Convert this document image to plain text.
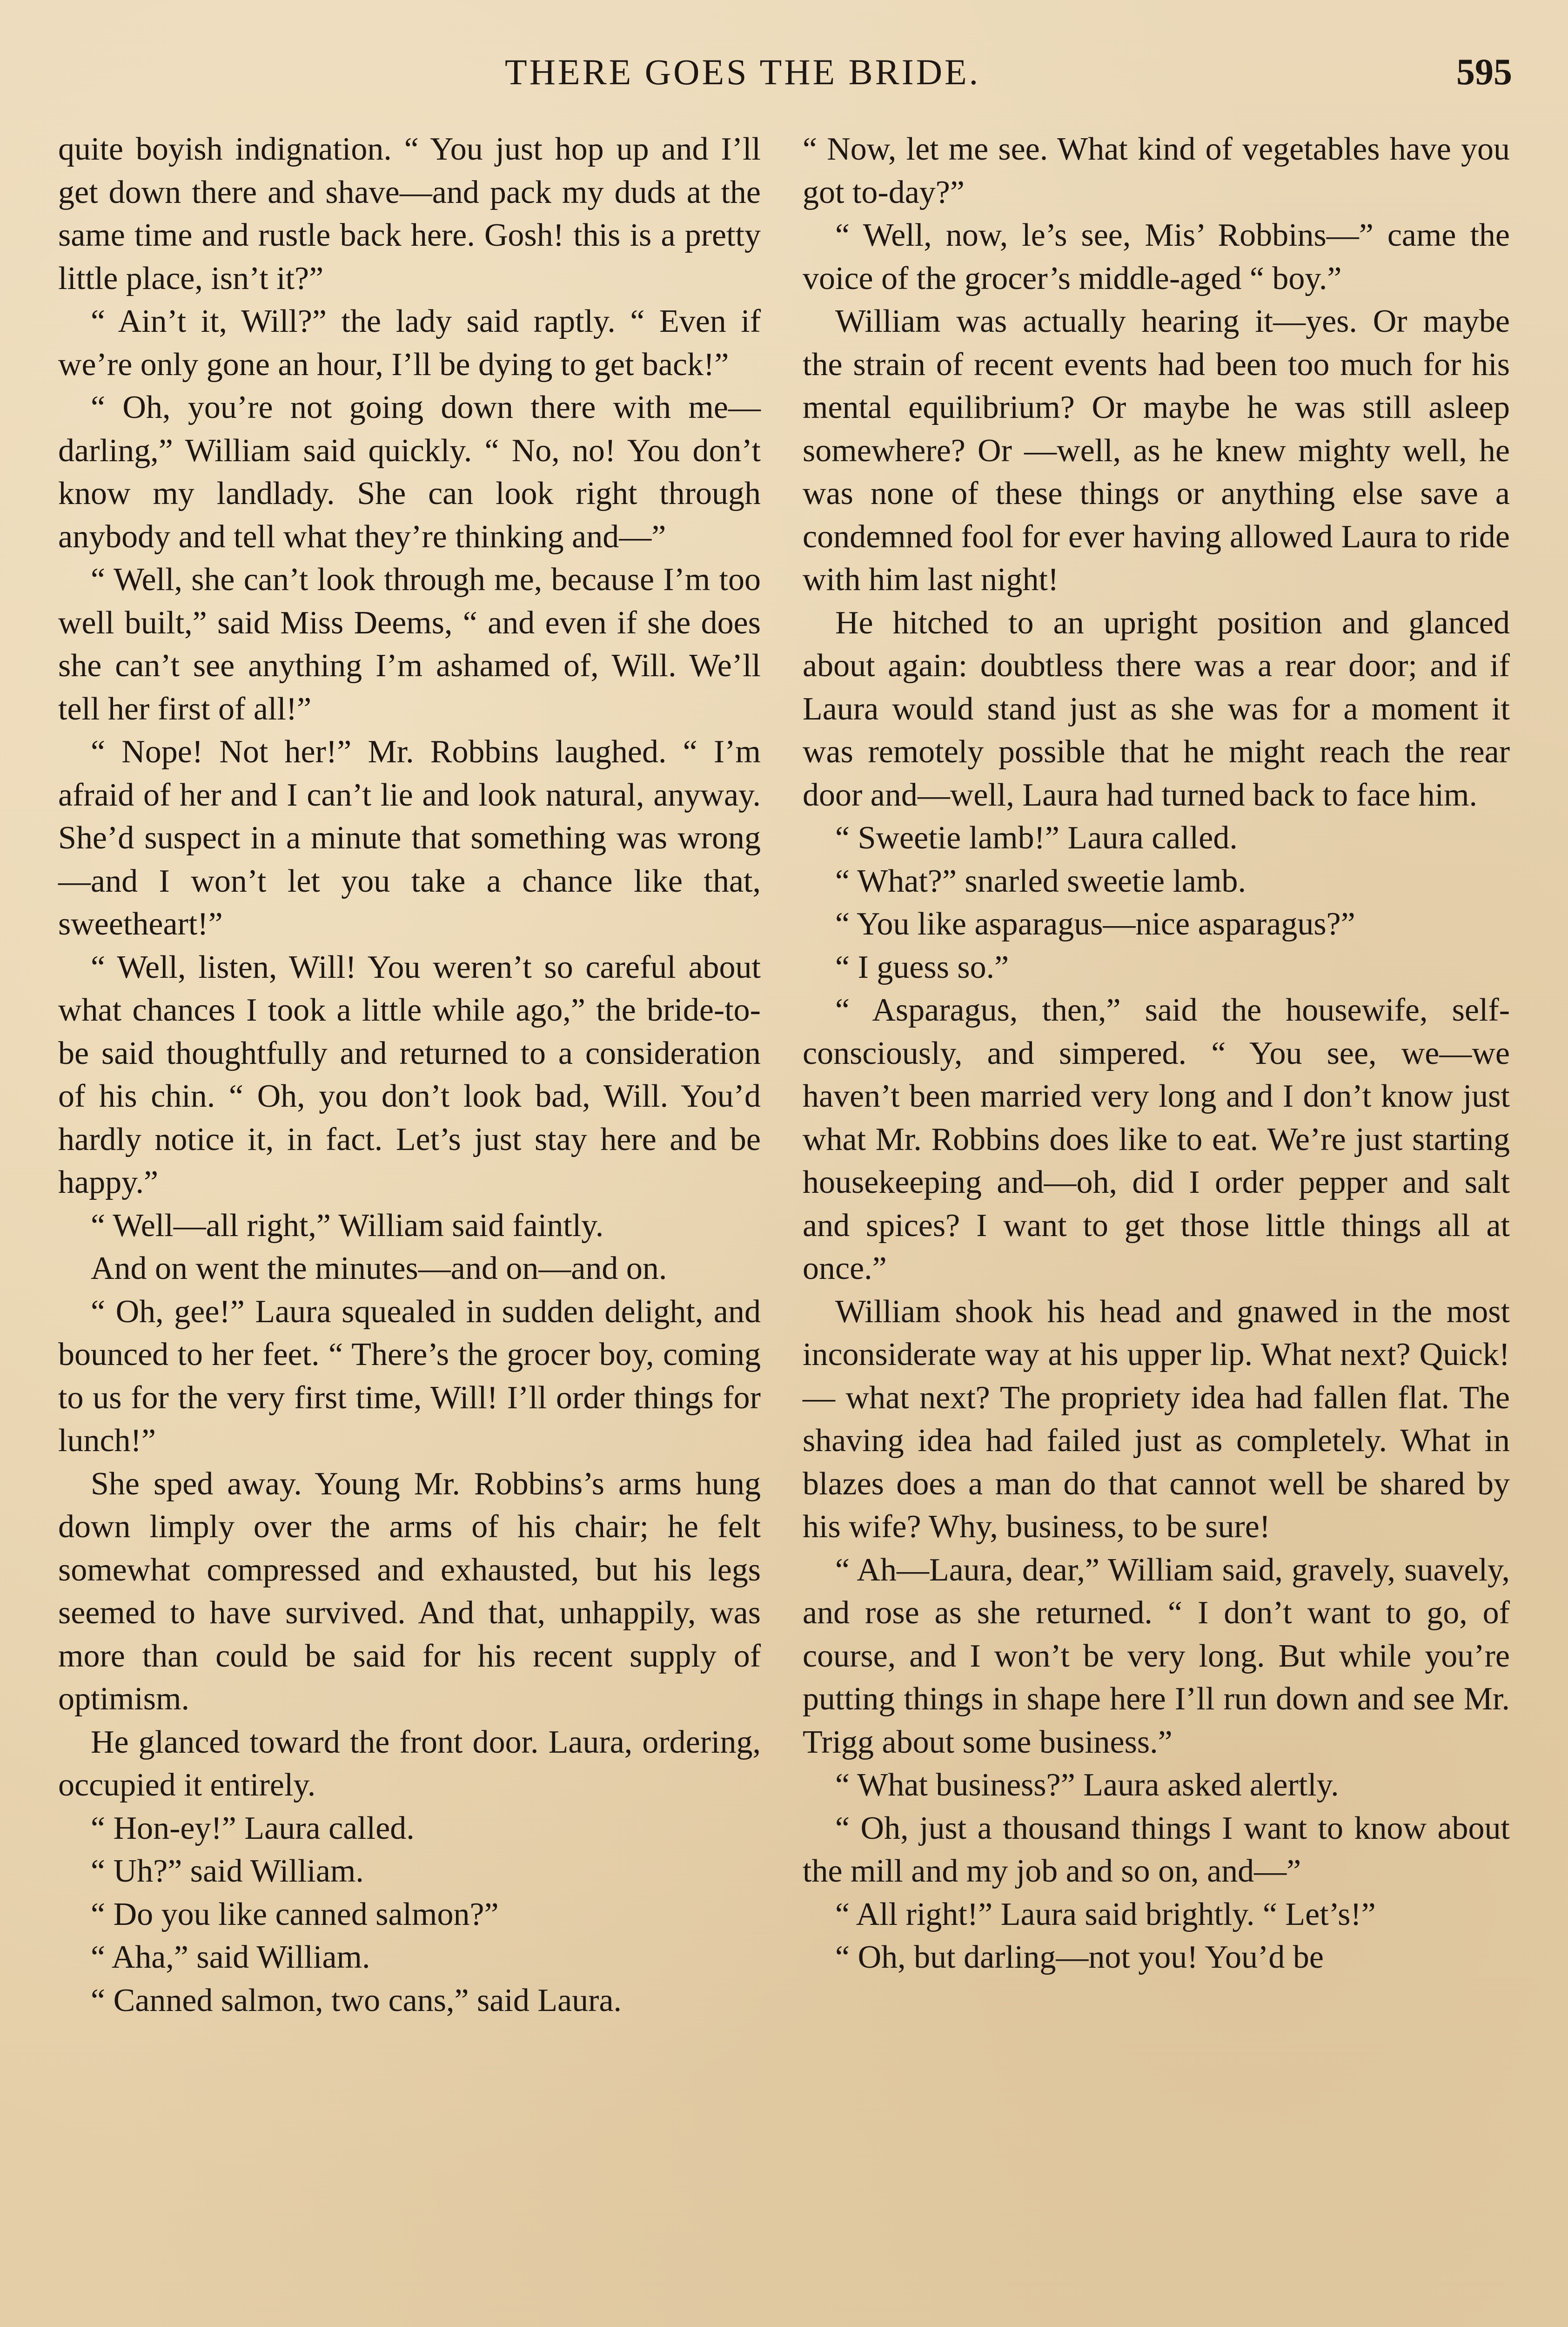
THERE GOES THE BRIDE.	595

quite boyish indignation. “ You just hop up and I’ll get down there and shave—and pack my duds at the same time and rustle back here. Gosh! this is a pretty little place, isn’t it?”

“ Ain’t it, Will?” the lady said raptly. “ Even if we’re only gone an hour, I’ll be dying to get back!”

“ Oh, you’re not going down there with me—darling,” William said quickly. “ No, no! You don’t know my landlady. She can look right through anybody and tell what they’re thinking and—”

“ Well, she can’t look through me, because I’m too well built,” said Miss Deems, “ and even if she does she can’t see anything I’m ashamed of, Will. We’ll tell her first of all!”

“ Nope! Not her!” Mr. Robbins laughed. “ I’m afraid of her and I can’t lie and look natural, anyway. She’d suspect in a minute that something was wrong —and I won’t let you take a chance like that, sweetheart!”

“ Well, listen, Will! You weren’t so careful about what chances I took a little while ago,” the bride-to-be said thoughtfully and returned to a consideration of his chin. “ Oh, you don’t look bad, Will. You’d hardly notice it, in fact. Let’s just stay here and be happy.”

“ Well—all right,” William said faintly.

And on went the minutes—and on—and on.

“ Oh, gee!” Laura squealed in sudden delight, and bounced to her feet. “ There’s the grocer boy, coming to us for the very first time, Will! I’ll order things for lunch!”

She sped away. Young Mr. Robbins’s arms hung down limply over the arms of his chair; he felt somewhat compressed and exhausted, but his legs seemed to have survived. And that, unhappily, was more than could be said for his recent supply of optimism.

He glanced toward the front door. Laura, ordering, occupied it entirely.

“ Hon-ey!” Laura called.

“ Uh?” said William.

“ Do you like canned salmon?”

“ Aha,” said William.

“ Canned salmon, two cans,” said Laura.

“ Now, let me see. What kind of vegetables have you got to-day?”

“ Well, now, le’s see, Mis’ Robbins—” came the voice of the grocer’s middle-aged “ boy.”

William was actually hearing it—yes. Or maybe the strain of recent events had been too much for his mental equilibrium? Or maybe he was still asleep somewhere? Or —well, as he knew mighty well, he was none of these things or anything else save a condemned fool for ever having allowed Laura to ride with him last night!

He hitched to an upright position and glanced about again: doubtless there was a rear door; and if Laura would stand just as she was for a moment it was remotely possible that he might reach the rear door and—well, Laura had turned back to face him.

“ Sweetie lamb!” Laura called.

“ What?” snarled sweetie lamb.

“ You like asparagus—nice asparagus?”

“ I guess so.”

“ Asparagus, then,” said the housewife, self-consciously, and simpered. “ You see, we—we haven’t been married very long and I don’t know just what Mr. Robbins does like to eat. We’re just starting housekeeping and—oh, did I order pepper and salt and spices? I want to get those little things all at once.”

William shook his head and gnawed in the most inconsiderate way at his upper lip. What next? Quick!— what next? The propriety idea had fallen flat. The shaving idea had failed just as completely. What in blazes does a man do that cannot well be shared by his wife? Why, business, to be sure!

“ Ah—Laura, dear,” William said, gravely, suavely, and rose as she returned. “ I don’t want to go, of course, and I won’t be very long. But while you’re putting things in shape here I’ll run down and see Mr. Trigg about some business.”

“ What business?” Laura asked alertly.

“ Oh, just a thousand things I want to know about the mill and my job and so on, and—”

“ All right!” Laura said brightly. “ Let’s!”

“ Oh, but darling—not you! You’d be
